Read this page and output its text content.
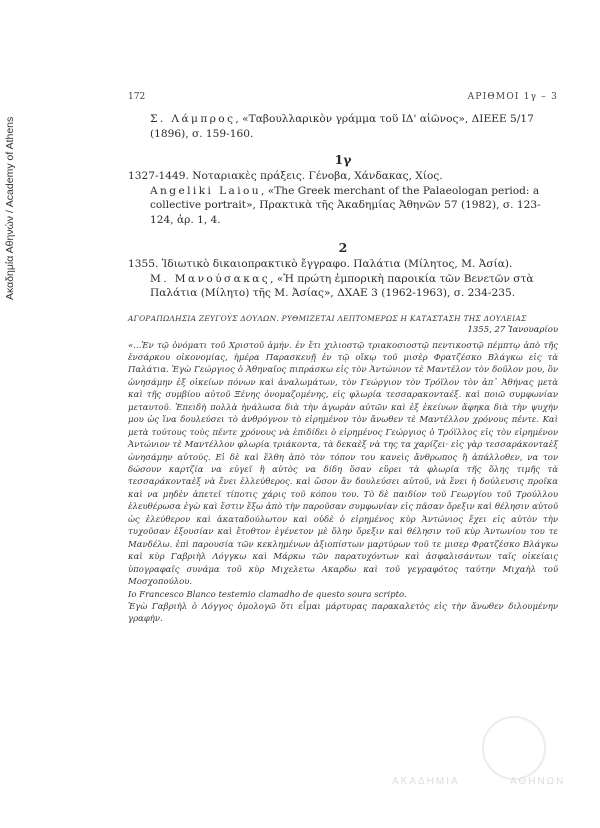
Ακαδημία Αθηνών / Academy of Athens
172	ΑΡΙΘΜΟΙ 1γ – 3
Σ. Λάμπρος, «Ταβουλλαρικὸν γράμμα τοῦ ΙΔ' αἰῶνος», ΔΙΕΕΕ 5/17 (1896), σ. 159-160.
1γ
1327-1449. Νοταριακὲς πράξεις. Γένοβα, Χάνδακας, Χίος.
Angeliki Laiou, «The Greek merchant of the Palaeologan period: a collective portrait», Πρακτικὰ τῆς Ἀκαδημίας Ἀθηνῶν 57 (1982), σ. 123-124, ἀρ. 1, 4.
2
1355. Ἰδιωτικὸ δικαιοπρακτικὸ ἔγγραφο. Παλάτια (Μίλητος, Μ. Ἀσία).
Μ. Μανούσακας, «Ἡ πρώτη ἐμπορικὴ παροικία τῶν Βενετῶν στὰ Παλάτια (Μίλητο) τῆς Μ. Ἀσίας», ΔΧΑΕ 3 (1962-1963), σ. 234-235.
ΑΓΟΡΑΠΩΛΗΣΙΑ ΖΕΥΓΟΥΣ ΔΟΥΛΩΝ. ΡΥΘΜΙΖΕΤΑΙ ΛΕΠΤΟΜΕΡΩΣ Η ΚΑΤΑΣΤΑΣΗ ΤΗΣ ΔΟΥΛΕΙΑΣ
1355, 27 Ἰανουαρίου

«...Ἐν τῷ ὀνόματι τοῦ Χριστοῦ ἀμήν. ἐν ἔτι χιλιοστῷ τριακοσιοστῷ πεντικοστῷ πέμπτῳ ἀπὸ τῆς ἐνσάρκου οἰκονομίας, ἡμέρα Παρασκευῇ ἐν τῷ οἴκῳ τοῦ μισὲρ Φρατζέσκο Βλάγκω εἰς τὰ Παλάτια. Ἐγὼ Γεώργιος ὁ Ἀθηναῖος πιπράσκω εἰς τὸν Ἀντώνιον τὲ Μαντέλον τὸν δοῦλον μου, ὃν ὠνησάμην ἐξ οἰκείων πόνων καὶ ἀναλωμάτων, τὸν Γεώργιον τὸν Τρόϊλον τὸν ἀπ᾿ Ἀθήνας μετὰ καὶ τῆς συμβίου αὐτοῦ Ξένης ὀνομαζομένης, εἰς φλωρία τεσσαρακονταέξ. καὶ ποιῶ συμφωνίαν μεταυτοῦ. Ἐπειδὴ πολλὰ ἠνάλωσα διὰ τὴν ἀγωρὰν αὐτῶν καὶ ἐξ ἐκείνων ἄφηκα διὰ τὴν ψυχήν μου ὡς ἵνα δουλεύσει τὸ ἀνθρόγνον τὸ εἰρημένον τὸν ἄνωθεν τὲ Μαντέλλον χρόνους πέντε. Καὶ μετὰ τούτους τοὺς πέντε χρόνους νὰ ἐπιδίδει ὁ εἰρημένος Γεώργιος ὁ Τρόϊλλος εἰς τὸν εἰρημένον Ἀντώνιον τὲ Μαντέλλον φλωρία τριάκοντα, τὰ δεκαὲξ νὰ της τα χαρίζει· εἰς γὰρ τεσσαράκονταὲξ ὠνησάμην αὐτούς. Εἰ δὲ καὶ ἔλθη ἀπὸ τὸν τόπον του κανεὶς ἄνθρωπος ἢ ἀπάλλοθεν, να τον δώσουν καρτζία να εὐγεῖ ἢ αὐτὸς να δίδη ὅσαν εὕρει τὰ φλωρία τῆς ὅλης τιμῆς τὰ τεσσαράκονταὲξ νὰ ἔνει ἐλλεύθερος. καὶ ὥσον ἂν δουλεύσει αὐτοῦ, νὰ ἔνει ἡ δούλευσις προῖκα καὶ να μηδὲν ἀπετεῖ τίποτις χάρις τοῦ κόπου του. Τὸ δὲ παιδίον τοῦ Γεωργίου τοῦ Τρούλλου ἐλευθέρωσα ἐγὼ καὶ ἔστιν ἔξω ἀπὸ τὴν παροῦσαν συμφωνίαν εἰς πᾶσαν ὄρεξιν καὶ θέλησιν αὐτοῦ ὡς ἐλεύθερον καὶ ἀκαταδούλωτον καὶ οὐδὲ ὁ εἰρημένος κὺρ Ἀντώνιος ἔχει εἰς αὐτὸν τὴν τυχοῦσαν ἐξουσίαν καὶ ἔτοθτον ἐγένετον μὲ ὅλην ὄρεξιν καὶ θέλησιν τοῦ κὺρ Ἀντωνίου του τε Μανδέλω. ἐπὶ παρουσία τῶν κεκλημένων ἀξιοπίστων μαρτύρων τοῦ τε μισερ Φρατζέσκο Βλάγκω καὶ κὺρ Γαβριὴλ Λόγγκω καὶ Μάρκω τῶν παρατυχόντων καὶ ἀσφαλισάντων ταῖς οἰκείαις ὑπογραφαῖς συνάμα τοῦ κὺρ Μιχελετω Ακαρδω καὶ τοῦ γεγραφότος ταύτην Μιχαὴλ τοῦ Μοσχοπούλου.

Io Francesco Blanco testemio clamadho de questo soura scripto.

Ἐγὼ Γαβριὴλ ὁ Λόγγος ὁμολογῶ ὅτι εἶμαι μάρτυρας παρακαλετὸς εἰς τὴν ἄνωθεν διλουμένην γραφήν.

ΑΚΑΔΗΜΙΑ	ΑΘΗΝΩΝ
